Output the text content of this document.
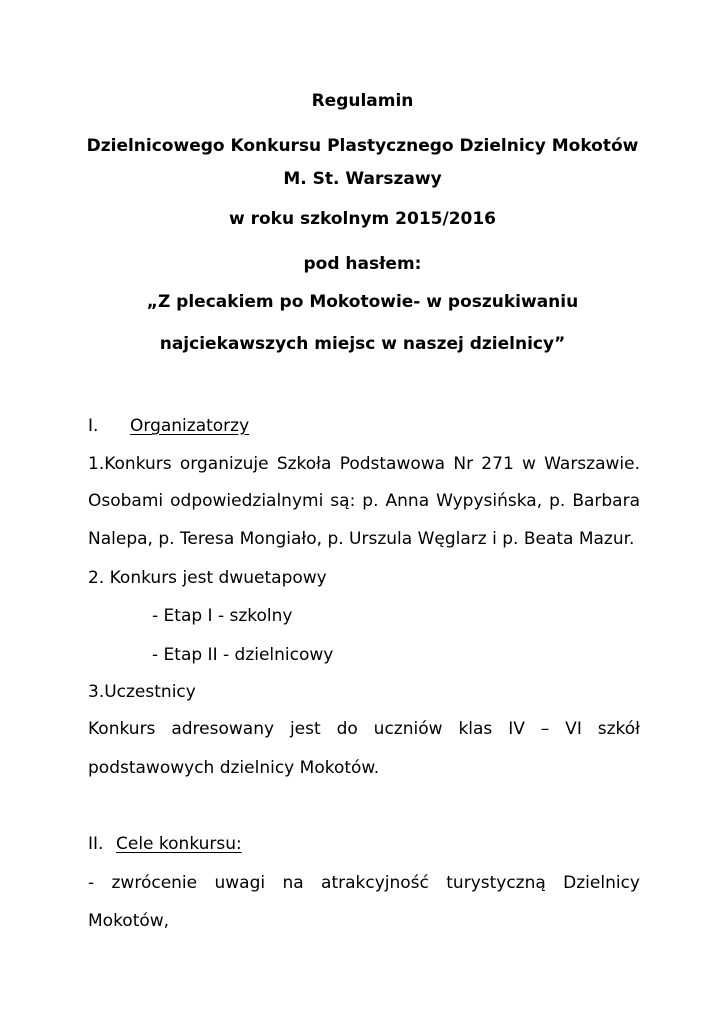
Regulamin
Dzielnicowego Konkursu Plastycznego Dzielnicy Mokotów
M. St. Warszawy
w roku szkolnym 2015/2016
pod hasłem:
„Z plecakiem po Mokotowie- w poszukiwaniu
najciekawszych miejsc w naszej dzielnicy”
I. Organizatorzy
1.Konkurs organizuje Szkoła Podstawowa Nr 271 w Warszawie.
Osobami odpowiedzialnymi są: p. Anna Wypysińska, p. Barbara
Nalepa, p. Teresa Mongiało, p. Urszula Węglarz i p. Beata Mazur.
2. Konkurs jest dwuetapowy
- Etap I - szkolny
- Etap II - dzielnicowy
3.Uczestnicy
Konkurs adresowany jest do uczniów klas IV – VI szkół
podstawowych dzielnicy Mokotów.
II. Cele konkursu:
- zwrócenie uwagi na atrakcyjność turystyczną Dzielnicy
Mokotów,
